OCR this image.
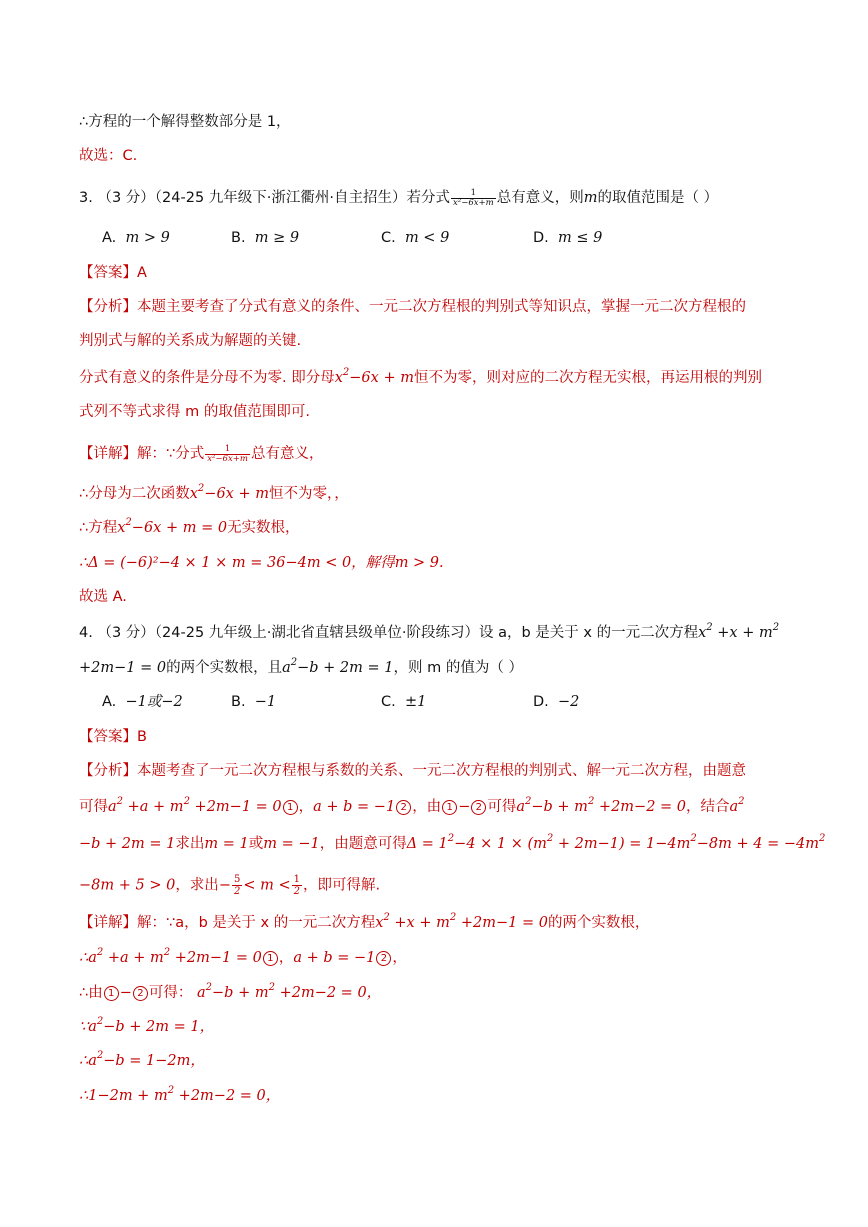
∴方程的一个解得整数部分是 1，
故选：C.
3. （3 分）（24-25 九年级下·浙江衢州·自主招生）若分式 $\frac{1}{\text{x²−6x+m}}$ 总有意义，则m的取值范围是（ ）
A. m > 9	B. m ≥ 9	C. m < 9	D. m ≤ 9
【答案】A
【分析】本题主要考查了分式有意义的条件、一元二次方程根的判别式等知识点，掌握一元二次方程根的
判别式与解的关系成为解题的关键.
分式有意义的条件是分母不为零. 即分母$x^2-6x + m$恒不为零，则对应的二次方程无实根，再运用根的判别
式列不等式求得 m 的取值范围即可.
【详解】解：∵分式 $\frac{1}{\text{x²−6x+m}}$ 总有意义，
∴分母为二次函数$x^2-6x + m$恒不为零，，
∴方程$x^2-6x + m = 0$无实数根，
∴Δ = (−6)²−4 × 1 × m = 36−4m < 0，解得m > 9.
故选 A.
4. （3 分）（24-25 九年级上·湖北省直辖县级单位·阶段练习）设 a，b 是关于 x 的一元二次方程$x^2 +x + m^2$
+2m−1 = 0的两个实数根，且$a^2-b + 2m = 1$，则 m 的值为（ ）
A. −1或−2	B. −1	C. ±1	D. −2
【答案】B
【分析】本题考查了一元二次方程根与系数的关系、一元二次方程根的判别式、解一元二次方程，由题意
可得$a^2 +a + m^2 +2m-1 = 0$ 1 ，a + b = −1 2 ，由 1 − 2 可得$a^2-b + m^2 +2m-2 = 0$，结合$a^2$
−b + 2m = 1求出m = 1或m = −1，由题意可得$\Delta = 1^2-4 \times 1 \times (m^2 + 2m-1) = 1-4m^2-8m + 4 = -4m^2$
−8m + 5 > 0，求出− $\frac{5}{2} < m < \frac{1}{2}$ ，即可得解.
【详解】解：∵a，b 是关于 x 的一元二次方程$x^2 +x + m^2 +2m-1 = 0$的两个实数根，
$\therefore a^2 +a + m^2 +2m-1 = 0$ 1 ，a + b = −1 2 ，
∴由 1 − 2 可得： $a^2-b + m^2 +2m-2 = 0$，
$\because a^2-b + 2m = 1$，
$\therefore a^2-b = 1-2m$，
∴1−2m + $m^2 +2m-2 = 0$，
